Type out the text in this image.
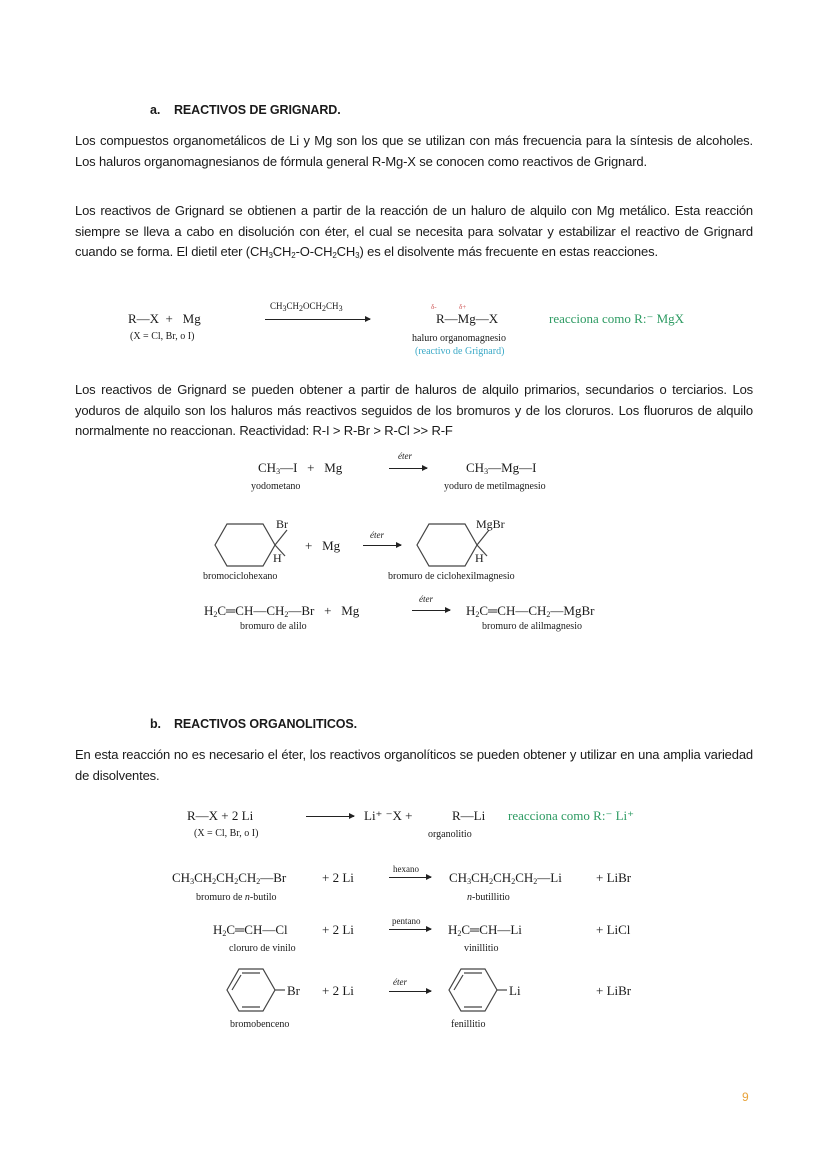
a. REACTIVOS DE GRIGNARD.
Los compuestos organometálicos de Li y Mg son los que se utilizan con más frecuencia para la síntesis de alcoholes. Los haluros organomagnesianos de fórmula general R-Mg-X se conocen como reactivos de Grignard.
Los reactivos de Grignard se obtienen a partir de la reacción de un haluro de alquilo con Mg metálico. Esta reacción siempre se lleva a cabo en disolución con éter, el cual se necesita para solvatar y estabilizar el reactivo de Grignard cuando se forma. El dietil eter $(CH_3CH_2-O-CH_2CH_3)$ es el disolvente más frecuente en estas reacciones.
R—X  +   Mg
(X = Cl, Br, o I)
$CH_3CH_2OCH_2CH_3$	δ-	δ+
R—Mg—X
haluro organomagnesio
(reactivo de Grignard)
reacciona como R:⁻ MgX
Los reactivos de Grignard se pueden obtener a partir de haluros de alquilo primarios, secundarios o terciarios. Los yoduros de alquilo son los haluros más reactivos seguidos de los bromuros y de los cloruros. Los fluoruros de alquilo normalmente no reaccionan. Reactividad: R-I > R-Br > R-Cl >> R-F
$CH_3—I + Mg$
yodometano
éter
$CH_3—Mg—I$
yoduro de metilmagnesio
Br
H
+   Mg
bromociclohexano
éter
MgBr
H
bromuro de ciclohexilmagnesio
$H_2C═CH—CH_2—Br + Mg$
bromuro de alilo
éter
→ $H_2C═CH—CH_2—MgBr$
bromuro de alilmagnesio
b. REACTIVOS ORGANOLITICOS.
En esta reacción no es necesario el éter, los reactivos organolíticos se pueden obtener y utilizar en una amplia variedad de disolventes.
R—X + 2 Li
(X = Cl, Br, o I)
→ Li⁺ ⁻X +	R—Li
organolitio
reacciona como R:⁻ Li⁺
$CH_3CH_2CH_2CH_2—Br$	+ 2 Li
bromuro de n-butilo
hexano
→ $CH_3CH_2CH_2CH_2—Li$	+ LiBr
n-butillitio
$H_2C═CH—Cl$	+ 2 Li
cloruro de vinilo
pentano
→ $H_2C═CH—Li$	+ LiCl
vinillitio
Br + 2 Li
bromobenceno
éter
Li	+ LiBr
fenillitio
9
